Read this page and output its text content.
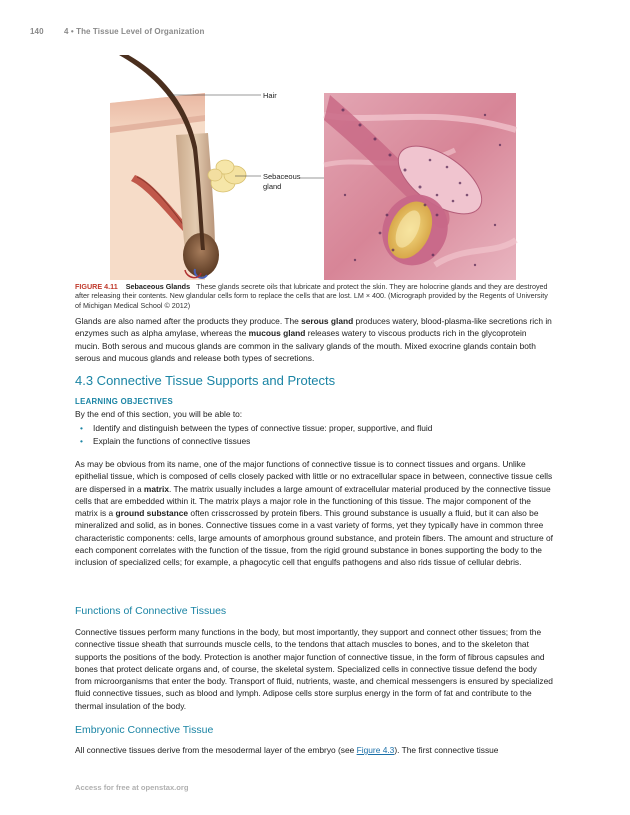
140	4 • The Tissue Level of Organization
Hair
Sebaceous
gland
FIGURE 4.11 Sebaceous Glands These glands secrete oils that lubricate and protect the skin. They are holocrine glands and they are destroyed after releasing their contents. New glandular cells form to replace the cells that are lost. LM × 400. (Micrograph provided by the Regents of University of Michigan Medical School © 2012)

Glands are also named after the products they produce. The serous gland produces watery, blood-plasma-like secretions rich in enzymes such as alpha amylase, whereas the mucous gland releases watery to viscous products rich in the glycoprotein mucin. Both serous and mucous glands are common in the salivary glands of the mouth. Mixed exocrine glands contain both serous and mucous glands and release both types of secretions.

4.3 Connective Tissue Supports and Protects
LEARNING OBJECTIVES

By the end of this section, you will be able to:

• Identify and distinguish between the types of connective tissue: proper, supportive, and fluid
• Explain the functions of connective tissues

As may be obvious from its name, one of the major functions of connective tissue is to connect tissues and organs. Unlike epithelial tissue, which is composed of cells closely packed with little or no extracellular space in between, connective tissue cells are dispersed in a matrix. The matrix usually includes a large amount of extracellular material produced by the connective tissue cells that are embedded within it. The matrix plays a major role in the functioning of this tissue. The major component of the matrix is a ground substance often crisscrossed by protein fibers. This ground substance is usually a fluid, but it can also be mineralized and solid, as in bones. Connective tissues come in a vast variety of forms, yet they typically have in common three characteristic components: cells, large amounts of amorphous ground substance, and protein fibers. The amount and structure of each component correlates with the function of the tissue, from the rigid ground substance in bones supporting the body to the inclusion of specialized cells; for example, a phagocytic cell that engulfs pathogens and also rids tissue of cellular debris.

Functions of Connective Tissues

Connective tissues perform many functions in the body, but most importantly, they support and connect other tissues; from the connective tissue sheath that surrounds muscle cells, to the tendons that attach muscles to bones, and to the skeleton that supports the positions of the body. Protection is another major function of connective tissue, in the form of fibrous capsules and bones that protect delicate organs and, of course, the skeletal system. Specialized cells in connective tissue defend the body from microorganisms that enter the body. Transport of fluid, nutrients, waste, and chemical messengers is ensured by specialized fluid connective tissues, such as blood and lymph. Adipose cells store surplus energy in the form of fat and contribute to the thermal insulation of the body.

Embryonic Connective Tissue

All connective tissues derive from the mesodermal layer of the embryo (see Figure 4.3). The first connective tissue

Access for free at openstax.org
